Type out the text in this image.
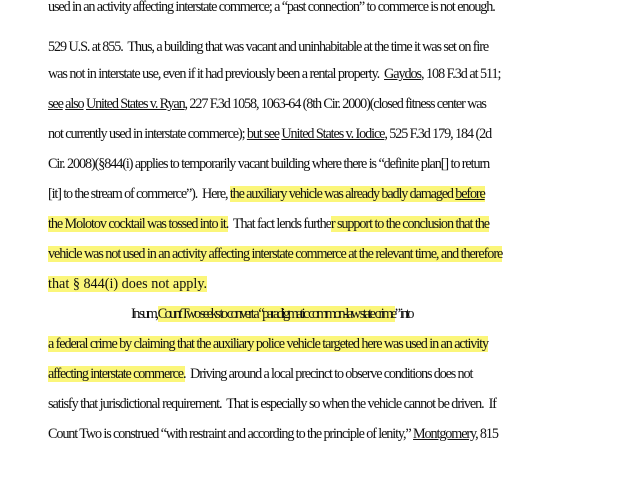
used in an activity affecting interstate commerce; a “past connection” to commerce is not enough.
529 U.S. at 855.  Thus, a building that was vacant and uninhabitable at the time it was set on fire
was not in interstate use, even if it had previously been a rental property.  Gaydos, 108 F.3d at 511;
see also United States v. Ryan, 227 F.3d 1058, 1063-64 (8th Cir. 2000)(closed fitness center was
not currently used in interstate commerce); but see United States v. Iodice, 525 F.3d 179, 184 (2d
Cir. 2008)(§844(i) applies to temporarily vacant building where there is “definite plan[] to return
[it] to the stream of commerce”).  Here, the auxiliary vehicle was already badly damaged before
the Molotov cocktail was tossed into it.  That fact lends further support to the conclusion that the
vehicle was not used in an activity affecting interstate commerce at the relevant time, and therefore
that § 844(i) does not apply.
In sum, Count Two seeks to convert a “paradigmatic common-law state crime” into
a federal crime by claiming that the auxiliary police vehicle targeted here was used in an activity
affecting interstate commerce.  Driving around a local precinct to observe conditions does not
satisfy that jurisdictional requirement.  That is especially so when the vehicle cannot be driven.  If
Count Two is construed “with restraint and according to the principle of lenity,” Montgomery, 815
